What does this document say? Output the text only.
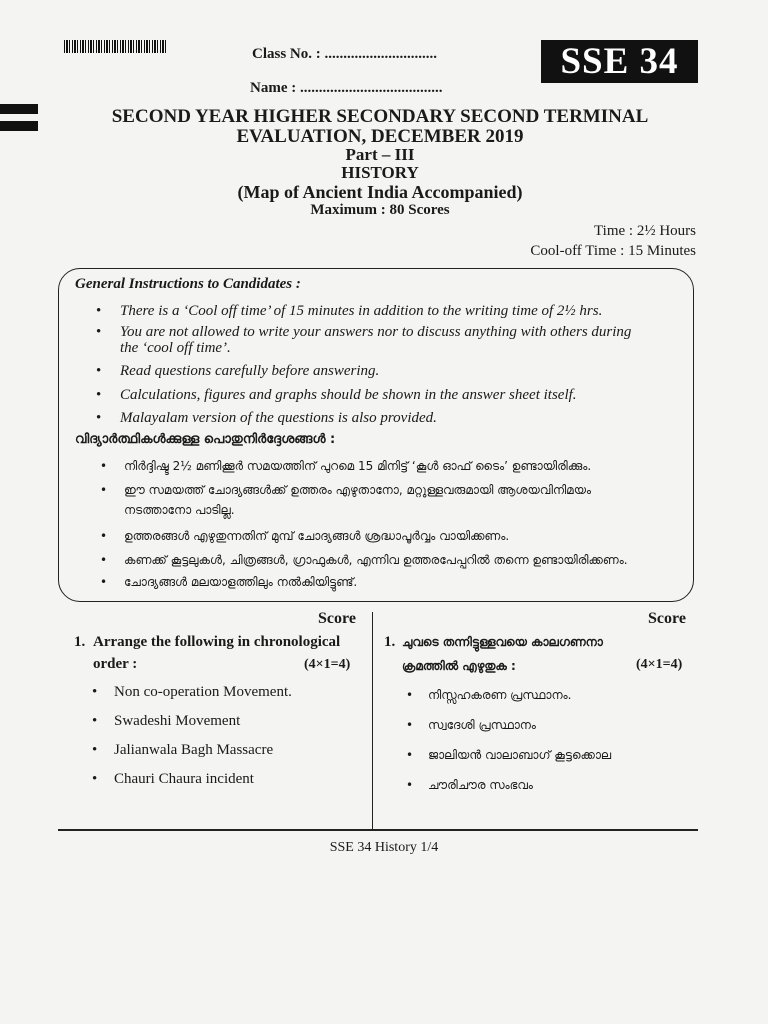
Class No. : ..............................
Name : ......................................
SSE 34
SECOND YEAR HIGHER SECONDARY SECOND TERMINAL
EVALUATION, DECEMBER 2019
Part – III
HISTORY
(Map of Ancient India Accompanied)
Maximum : 80 Scores
Time : 2½ Hours
Cool-off Time : 15 Minutes
General Instructions to Candidates :
• There is a ‘Cool off time’ of 15 minutes in addition to the writing time of 2½ hrs.
• You are not allowed to write your answers nor to discuss anything with others during
the ‘cool off time’.
• Read questions carefully before answering.
• Calculations, figures and graphs should be shown in the answer sheet itself.
• Malayalam version of the questions is also provided.
വിദ്യാർത്ഥികൾക്കുള്ള പൊതുനിർദ്ദേശങ്ങൾ :
• നിർദ്ദിഷ്ട 2½ മണിക്കൂർ സമയത്തിന് പുറമെ 15 മിനിട്ട് ‘കൂൾ ഓഫ് ടൈം’ ഉണ്ടായിരിക്കും.
• ഈ സമയത്ത് ചോദ്യങ്ങൾക്ക് ഉത്തരം എഴുതാനോ, മറ്റുള്ളവരുമായി ആശയവിനിമയം
നടത്താനോ പാടില്ല.
• ഉത്തരങ്ങൾ എഴുതുന്നതിന് മുമ്പ് ചോദ്യങ്ങൾ ശ്രദ്ധാപൂർവ്വം വായിക്കണം.
• കണക്ക് കൂട്ടലുകൾ, ചിത്രങ്ങൾ, ഗ്രാഫുകൾ, എന്നിവ ഉത്തരപേപ്പറിൽ തന്നെ ഉണ്ടായിരിക്കണം.
• ചോദ്യങ്ങൾ മലയാളത്തിലും നൽകിയിട്ടുണ്ട്.
Score
1. Arrange the following in chronological
order :	(4×1=4)
• Non co-operation Movement.
• Swadeshi Movement
• Jalianwala Bagh Massacre
• Chauri Chaura incident
Score
1. ചുവടെ തന്നിട്ടുള്ളവയെ കാലഗണനാ
ക്രമത്തിൽ എഴുതുക :	(4×1=4)
• നിസ്സഹകരണ പ്രസ്ഥാനം.
• സ്വദേശി പ്രസ്ഥാനം
• ജാലിയൻ വാലാബാഗ് കൂട്ടക്കൊല
• ചൗരിചൗര സംഭവം
SSE 34 History 1/4
